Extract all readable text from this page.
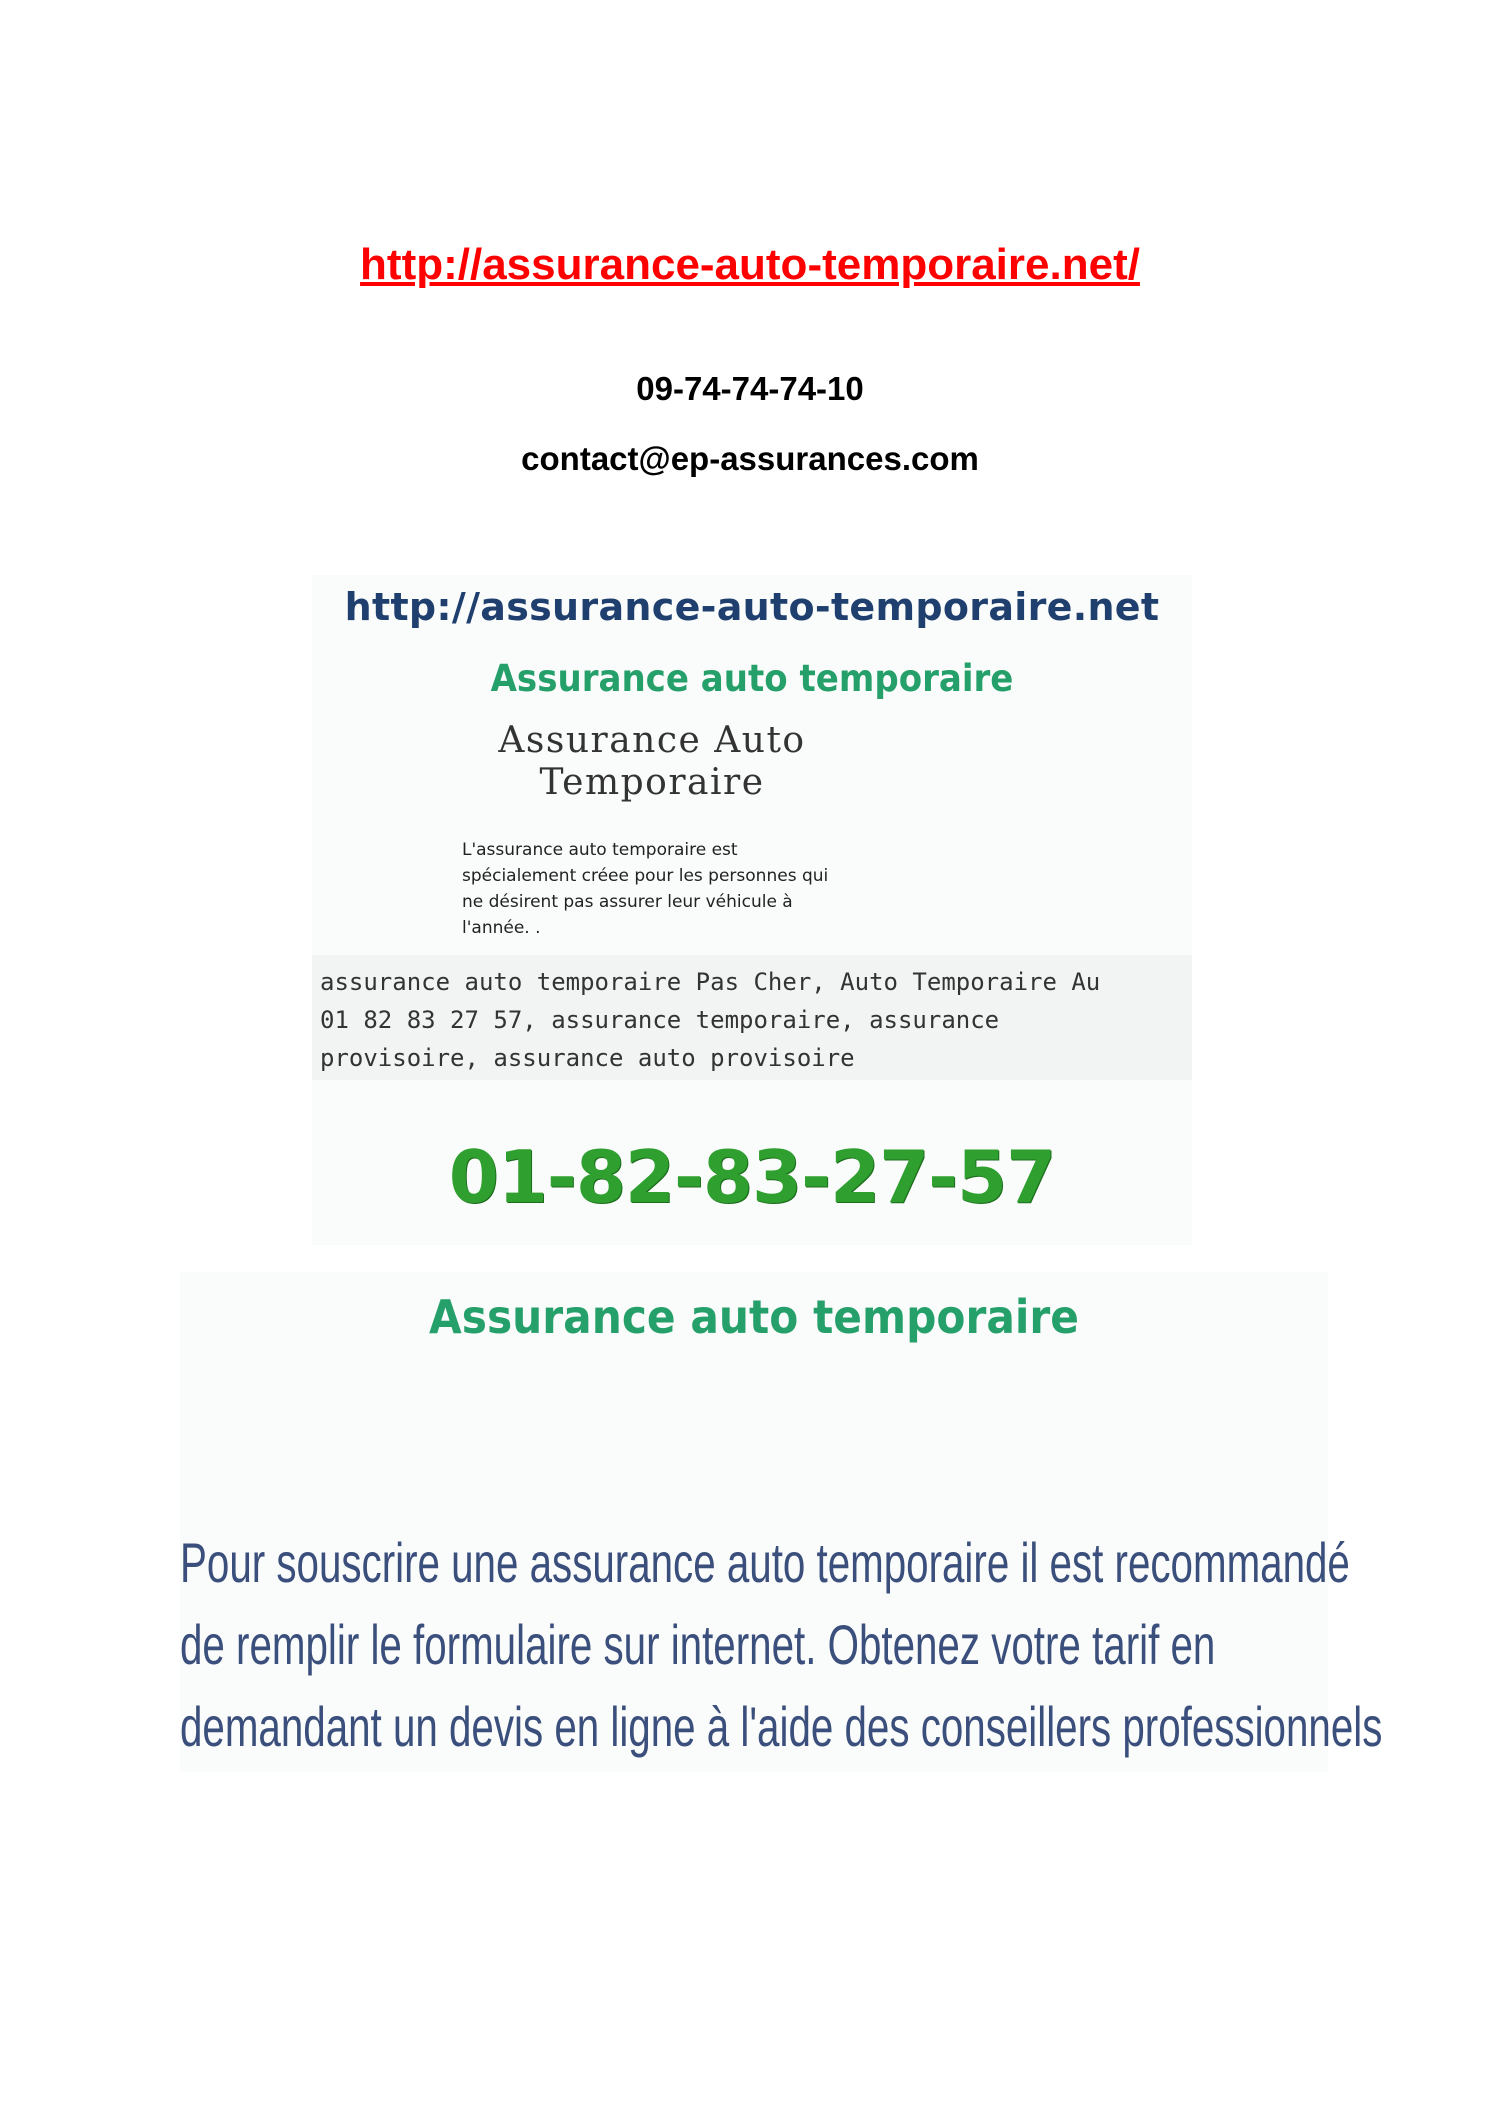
http://assurance-auto-temporaire.net/
09-74-74-74-10
contact@ep-assurances.com
http://assurance-auto-temporaire.net
Assurance auto temporaire
Assurance Auto
Temporaire
L'assurance auto temporaire est
spécialement créee pour les personnes qui
ne désirent pas assurer leur véhicule à
l'année. .
assurance auto temporaire Pas Cher, Auto Temporaire Au
01 82 83 27 57, assurance temporaire, assurance
provisoire, assurance auto provisoire
01-82-83-27-57
Assurance auto temporaire
Pour souscrire une assurance auto temporaire il est recommandé
de remplir le formulaire sur internet. Obtenez votre tarif en
demandant un devis en ligne à l'aide des conseillers professionnels
